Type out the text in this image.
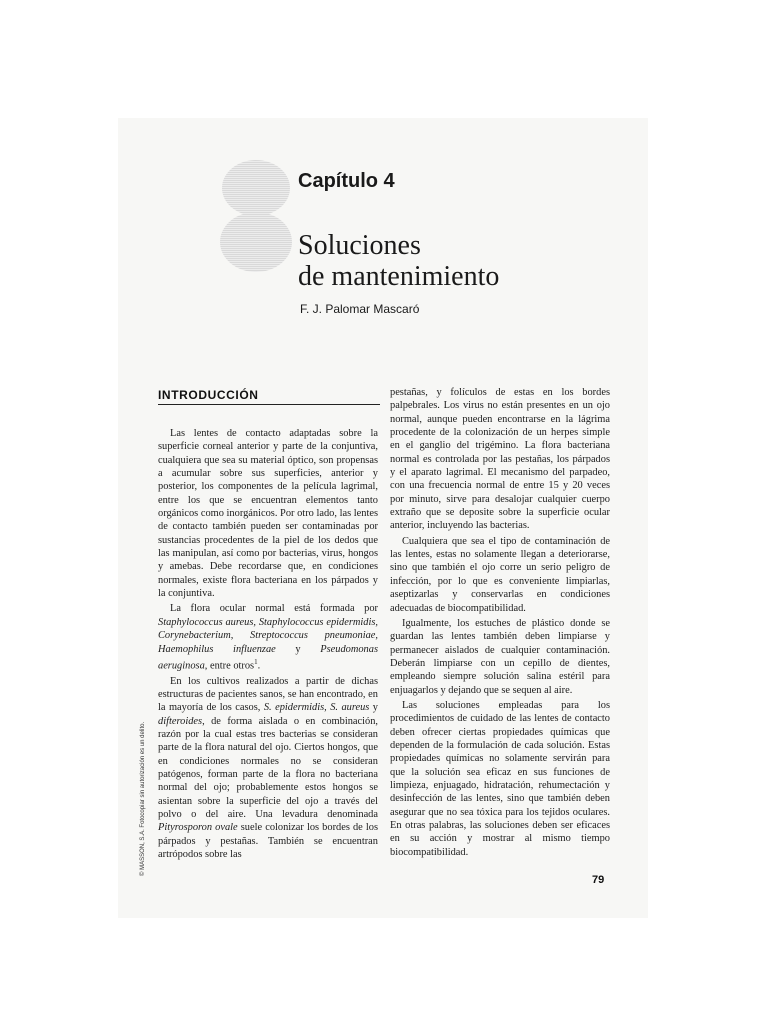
Capítulo 4
Soluciones
de mantenimiento
F. J. Palomar Mascaró
INTRODUCCIÓN

Las lentes de contacto adaptadas sobre la superficie corneal anterior y parte de la conjuntiva, cualquiera que sea su material óptico, son propensas a acumular sobre sus superficies, anterior y posterior, los componentes de la película lagrimal, entre los que se encuentran elementos tanto orgánicos como inorgánicos. Por otro lado, las lentes de contacto también pueden ser contaminadas por sustancias procedentes de la piel de los dedos que las manipulan, así como por bacterias, virus, hongos y amebas. Debe recordarse que, en condiciones normales, existe flora bacteriana en los párpados y la conjuntiva.

La flora ocular normal está formada por Staphylococcus aureus, Staphylococcus epidermidis, Corynebacterium, Streptococcus pneumoniae, Haemophilus influenzae y Pseudomonas aeruginosa, entre otros$^1$.

En los cultivos realizados a partir de dichas estructuras de pacientes sanos, se han encontrado, en la mayoría de los casos, S. epidermidis, S. aureus y difteroides, de forma aislada o en combinación, razón por la cual estas tres bacterias se consideran parte de la flora natural del ojo. Ciertos hongos, que en condiciones normales no se consideran patógenos, forman parte de la flora no bacteriana normal del ojo; probablemente estos hongos se asientan sobre la superficie del ojo a través del polvo o del aire. Una levadura denominada Pityrosporon ovale suele colonizar los bordes de los párpados y pestañas. También se encuentran artrópodos sobre las

pestañas, y folículos de estas en los bordes palpebrales. Los virus no están presentes en un ojo normal, aunque pueden encontrarse en la lágrima procedente de la colonización de un herpes simple en el ganglio del trigémino. La flora bacteriana normal es controlada por las pestañas, los párpados y el aparato lagrimal. El mecanismo del parpadeo, con una frecuencia normal de entre 15 y 20 veces por minuto, sirve para desalojar cualquier cuerpo extraño que se deposite sobre la superficie ocular anterior, incluyendo las bacterias.

Cualquiera que sea el tipo de contaminación de las lentes, estas no solamente llegan a deteriorarse, sino que también el ojo corre un serio peligro de infección, por lo que es conveniente limpiarlas, aseptizarlas y conservarlas en condiciones adecuadas de biocompatibilidad.

Igualmente, los estuches de plástico donde se guardan las lentes también deben limpiarse y permanecer aislados de cualquier contaminación. Deberán limpiarse con un cepillo de dientes, empleando siempre solución salina estéril para enjuagarlos y dejando que se sequen al aire.

Las soluciones empleadas para los procedimientos de cuidado de las lentes de contacto deben ofrecer ciertas propiedades químicas que dependen de la formulación de cada solución. Estas propiedades químicas no solamente servirán para que la solución sea eficaz en sus funciones de limpieza, enjuagado, hidratación, rehumectación y desinfección de las lentes, sino que también deben asegurar que no sea tóxica para los tejidos oculares. En otras palabras, las soluciones deben ser eficaces en su acción y mostrar al mismo tiempo biocompatibilidad.

© MASSON, S.A. Fotocopiar sin autorización es un delito.
79
